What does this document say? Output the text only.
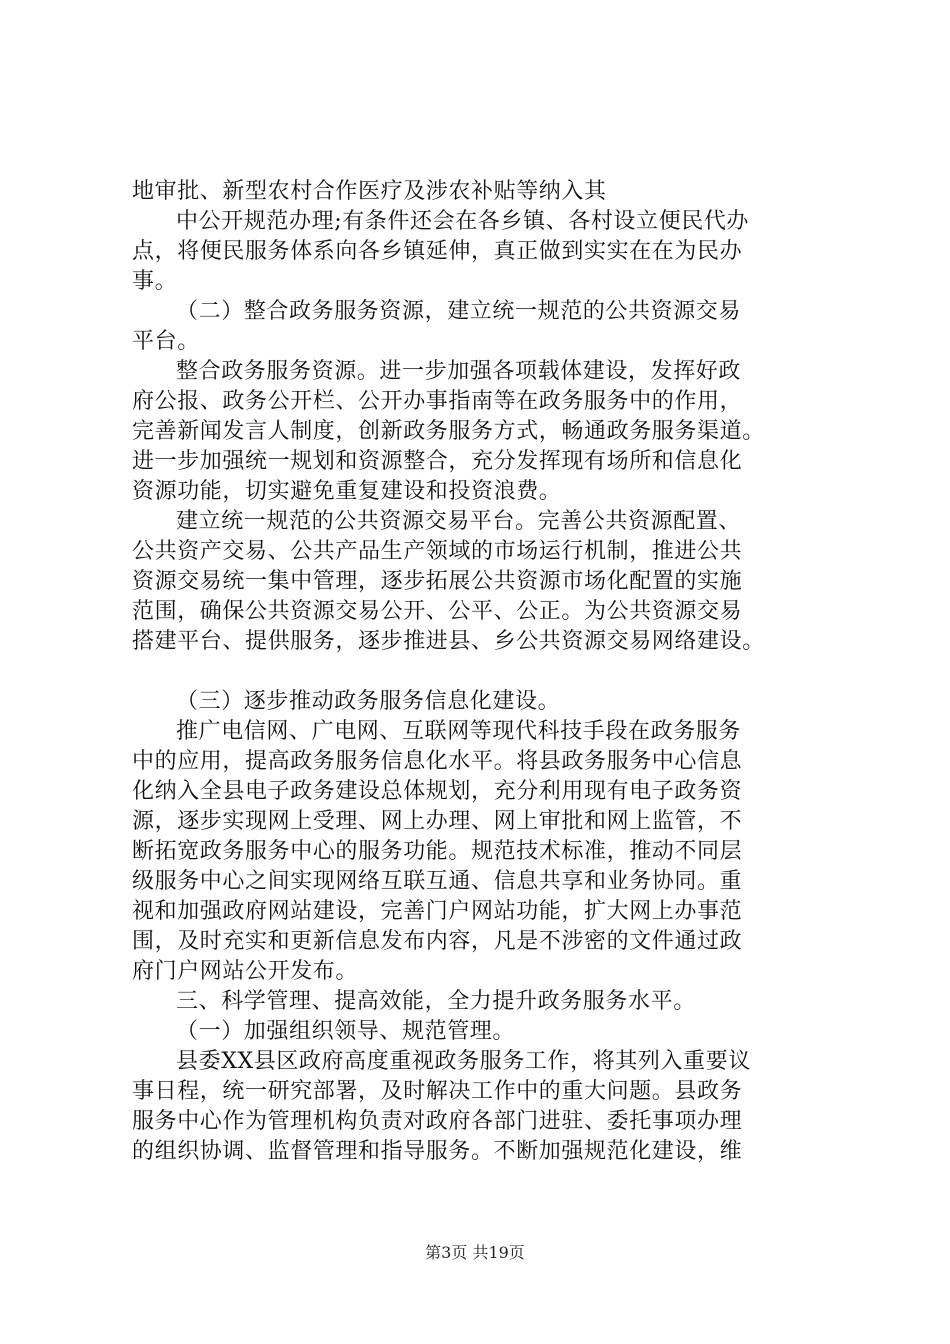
地审批、新型农村合作医疗及涉农补贴等纳入其
中公开规范办理;有条件还会在各乡镇、各村设立便民代办
点，将便民服务体系向各乡镇延伸，真正做到实实在在为民办
事。
（二）整合政务服务资源，建立统一规范的公共资源交易
平台。
整合政务服务资源。进一步加强各项载体建设，发挥好政
府公报、政务公开栏、公开办事指南等在政务服务中的作用，
完善新闻发言人制度，创新政务服务方式，畅通政务服务渠道。
进一步加强统一规划和资源整合，充分发挥现有场所和信息化
资源功能，切实避免重复建设和投资浪费。
建立统一规范的公共资源交易平台。完善公共资源配置、
公共资产交易、公共产品生产领域的市场运行机制，推进公共
资源交易统一集中管理，逐步拓展公共资源市场化配置的实施
范围，确保公共资源交易公开、公平、公正。为公共资源交易
搭建平台、提供服务，逐步推进县、乡公共资源交易网络建设。
（三）逐步推动政务服务信息化建设。
推广电信网、广电网、互联网等现代科技手段在政务服务
中的应用，提高政务服务信息化水平。将县政务服务中心信息
化纳入全县电子政务建设总体规划，充分利用现有电子政务资
源，逐步实现网上受理、网上办理、网上审批和网上监管，不
断拓宽政务服务中心的服务功能。规范技术标准，推动不同层
级服务中心之间实现网络互联互通、信息共享和业务协同。重
视和加强政府网站建设，完善门户网站功能，扩大网上办事范
围，及时充实和更新信息发布内容，凡是不涉密的文件通过政
府门户网站公开发布。
三、科学管理、提高效能，全力提升政务服务水平。
（一）加强组织领导、规范管理。
县委XX县区政府高度重视政务服务工作，将其列入重要议
事日程，统一研究部署，及时解决工作中的重大问题。县政务
服务中心作为管理机构负责对政府各部门进驻、委托事项办理
的组织协调、监督管理和指导服务。不断加强规范化建设，维
第3页 共19页
